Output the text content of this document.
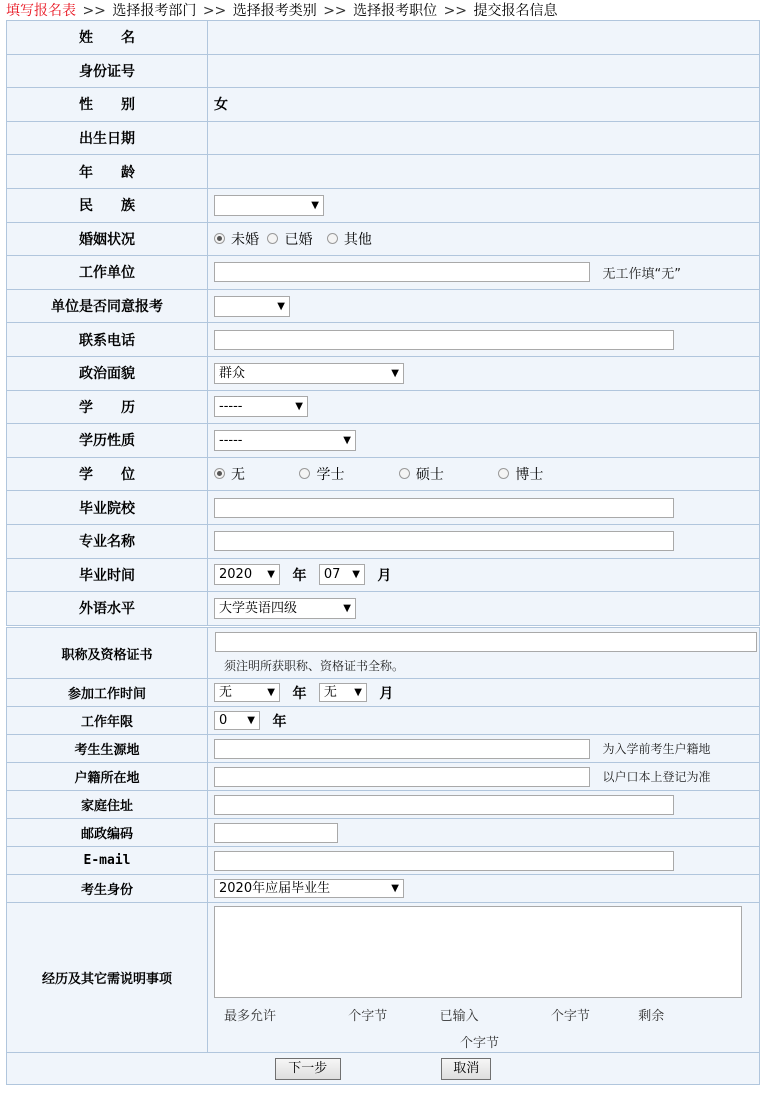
填写报名表 >> 选择报考部门 >> 选择报考类别 >> 选择报考职位 >> 提交报名信息
姓名	
身份证号	
性别	女
出生日期	
年龄	
民族	▼

婚姻状况	未婚 已婚 其他
工作单位	无工作填“无”
单位是否同意报考	▼

联系电话	
政治面貌	群众 ▼

学历	----- ▼

学历性质	----- ▼

学位	无 学士 硕士 博士
毕业院校	
专业名称	
毕业时间	2020 ▼ 年 07 ▼ 月
外语水平	大学英语四级 ▼
职称及资格证书	须注明所获职称、资格证书全称。

参加工作时间	无 ▼ 年 无 ▼ 月
工作年限	0 ▼ 年
考生生源地	为入学前考生户籍地
户籍所在地	以户口本上登记为准
家庭住址	
邮政编码	
E-mail	
考生身份	2020年应届毕业生 ▼

经历及其它需说明事项	最多允许 个字节 已输入 个字节 剩余
个字节

下一步 取消	
